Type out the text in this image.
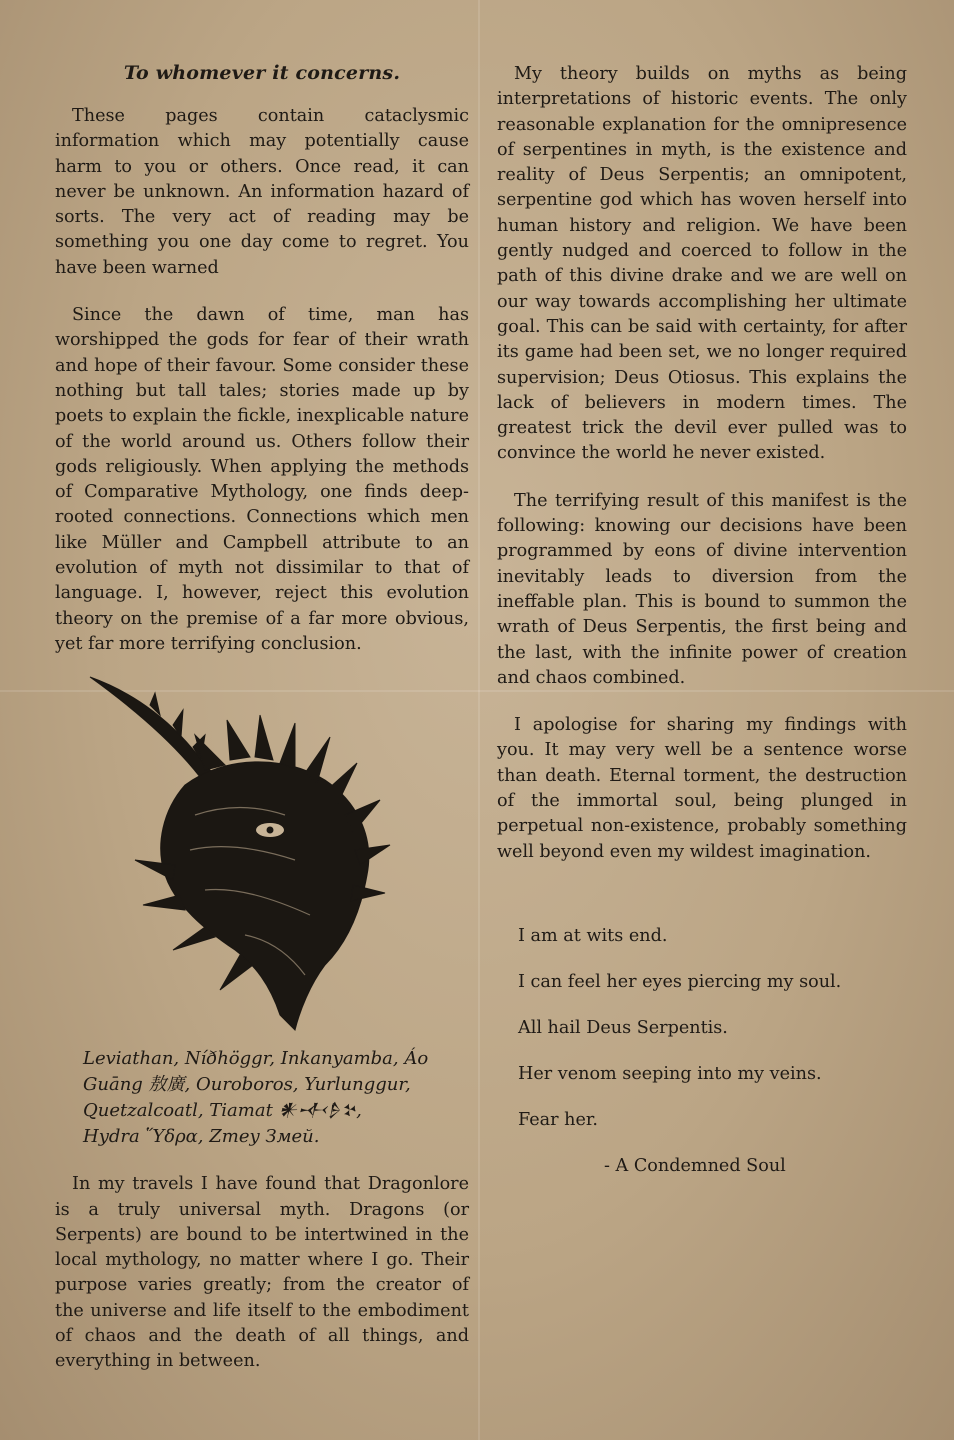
To whomever it concerns.

These pages contain cataclysmic information which may potentially cause harm to you or others. Once read, it can never be unknown. An information hazard of sorts. The very act of reading may be something you one day come to regret. You have been warned

Since the dawn of time, man has worshipped the gods for fear of their wrath and hope of their favour. Some consider these nothing but tall tales; stories made up by poets to explain the fickle, inexplicable nature of the world around us. Others follow their gods religiously. When applying the methods of Comparative Mythology, one finds deep-rooted connections. Connections which men like Müller and Campbell attribute to an evolution of myth not dissimilar to that of language. I, however, reject this evolution theory on the premise of a far more obvious, yet far more terrifying conclusion.

Leviathan, Níðhöggr, Inkanyamba, Áo
Guāng 敖廣, Ouroboros, Yurlunggur,
Quetzalcoatl, Tiamat 𒀭𒋾𒊩𒆳,
Hydra Ὕδρα, Zmey Змей.

In my travels I have found that Dragonlore is a truly universal myth. Dragons (or Serpents) are bound to be intertwined in the local mythology, no matter where I go. Their purpose varies greatly; from the creator of the universe and life itself to the embodiment of chaos and the death of all things, and everything in between.

My theory builds on myths as being interpretations of historic events. The only reasonable explanation for the omnipresence of serpentines in myth, is the existence and reality of Deus Serpentis; an omnipotent, serpentine god which has woven herself into human history and religion. We have been gently nudged and coerced to follow in the path of this divine drake and we are well on our way towards accomplishing her ultimate goal. This can be said with certainty, for after its game had been set, we no longer required supervision; Deus Otiosus. This explains the lack of believers in modern times. The greatest trick the devil ever pulled was to convince the world he never existed.

The terrifying result of this manifest is the following: knowing our decisions have been programmed by eons of divine intervention inevitably leads to diversion from the ineffable plan. This is bound to summon the wrath of Deus Serpentis, the first being and the last, with the infinite power of creation and chaos combined.

I apologise for sharing my findings with you. It may very well be a sentence worse than death. Eternal torment, the destruction of the immortal soul, being plunged in perpetual non-existence, probably something well beyond even my wildest imagination.

I am at wits end.
I can feel her eyes piercing my soul.
All hail Deus Serpentis.
Her venom seeping into my veins.
Fear her.
- A Condemned Soul
